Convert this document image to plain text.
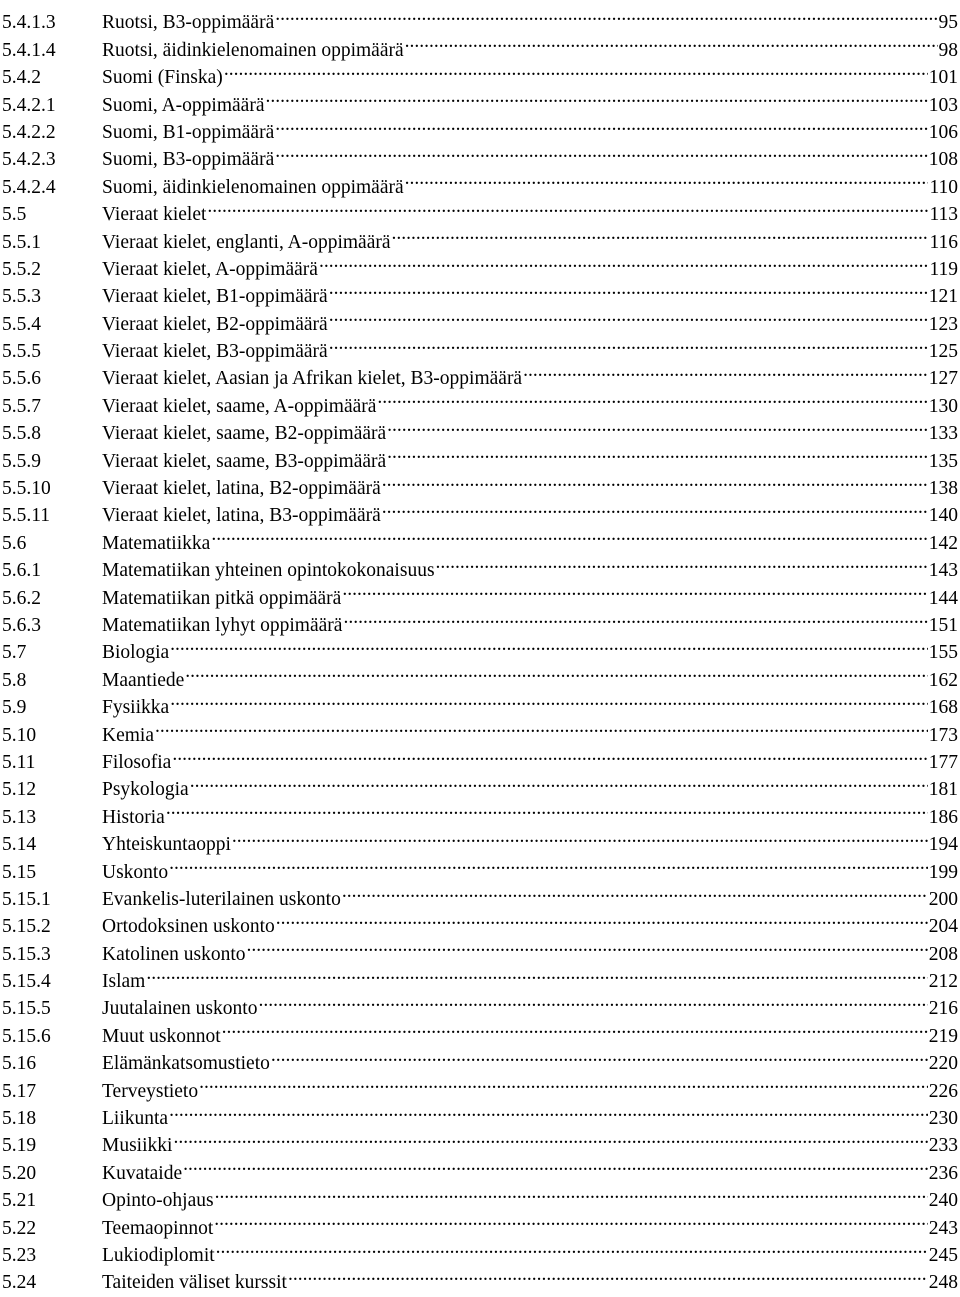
5.4.1.3	Ruotsi, B3-oppimäärä .....	95
5.4.1.4	Ruotsi, äidinkielenomainen oppimäärä .....	98
5.4.2	Suomi (Finska) .....	101
5.4.2.1	Suomi, A-oppimäärä .....	103
5.4.2.2	Suomi, B1-oppimäärä .....	106
5.4.2.3	Suomi, B3-oppimäärä .....	108
5.4.2.4	Suomi, äidinkielenomainen oppimäärä .....	110
5.5	Vieraat kielet .....	113
5.5.1	Vieraat kielet, englanti, A-oppimäärä .....	116
5.5.2	Vieraat kielet, A-oppimäärä .....	119
5.5.3	Vieraat kielet, B1-oppimäärä .....	121
5.5.4	Vieraat kielet, B2-oppimäärä .....	123
5.5.5	Vieraat kielet, B3-oppimäärä .....	125
5.5.6	Vieraat kielet, Aasian ja Afrikan kielet, B3-oppimäärä .....	127
5.5.7	Vieraat kielet, saame, A-oppimäärä .....	130
5.5.8	Vieraat kielet, saame, B2-oppimäärä .....	133
5.5.9	Vieraat kielet, saame, B3-oppimäärä .....	135
5.5.10	Vieraat kielet, latina, B2-oppimäärä .....	138
5.5.11	Vieraat kielet, latina, B3-oppimäärä .....	140
5.6	Matematiikka .....	142
5.6.1	Matematiikan yhteinen opintokokonaisuus .....	143
5.6.2	Matematiikan pitkä oppimäärä .....	144
5.6.3	Matematiikan lyhyt oppimäärä .....	151
5.7	Biologia .....	155
5.8	Maantiede .....	162
5.9	Fysiikka .....	168
5.10	Kemia .....	173
5.11	Filosofia .....	177
5.12	Psykologia .....	181
5.13	Historia .....	186
5.14	Yhteiskuntaoppi .....	194
5.15	Uskonto .....	199
5.15.1	Evankelis-luterilainen uskonto .....	200
5.15.2	Ortodoksinen uskonto .....	204
5.15.3	Katolinen uskonto .....	208
5.15.4	Islam .....	212
5.15.5	Juutalainen uskonto .....	216
5.15.6	Muut uskonnot .....	219
5.16	Elämänkatsomustieto .....	220
5.17	Terveystieto .....	226
5.18	Liikunta .....	230
5.19	Musiikki .....	233
5.20	Kuvataide .....	236
5.21	Opinto-ohjaus .....	240
5.22	Teemaopinnot .....	243
5.23	Lukiodiplomit .....	245
5.24	Taiteiden väliset kurssit .....	248
